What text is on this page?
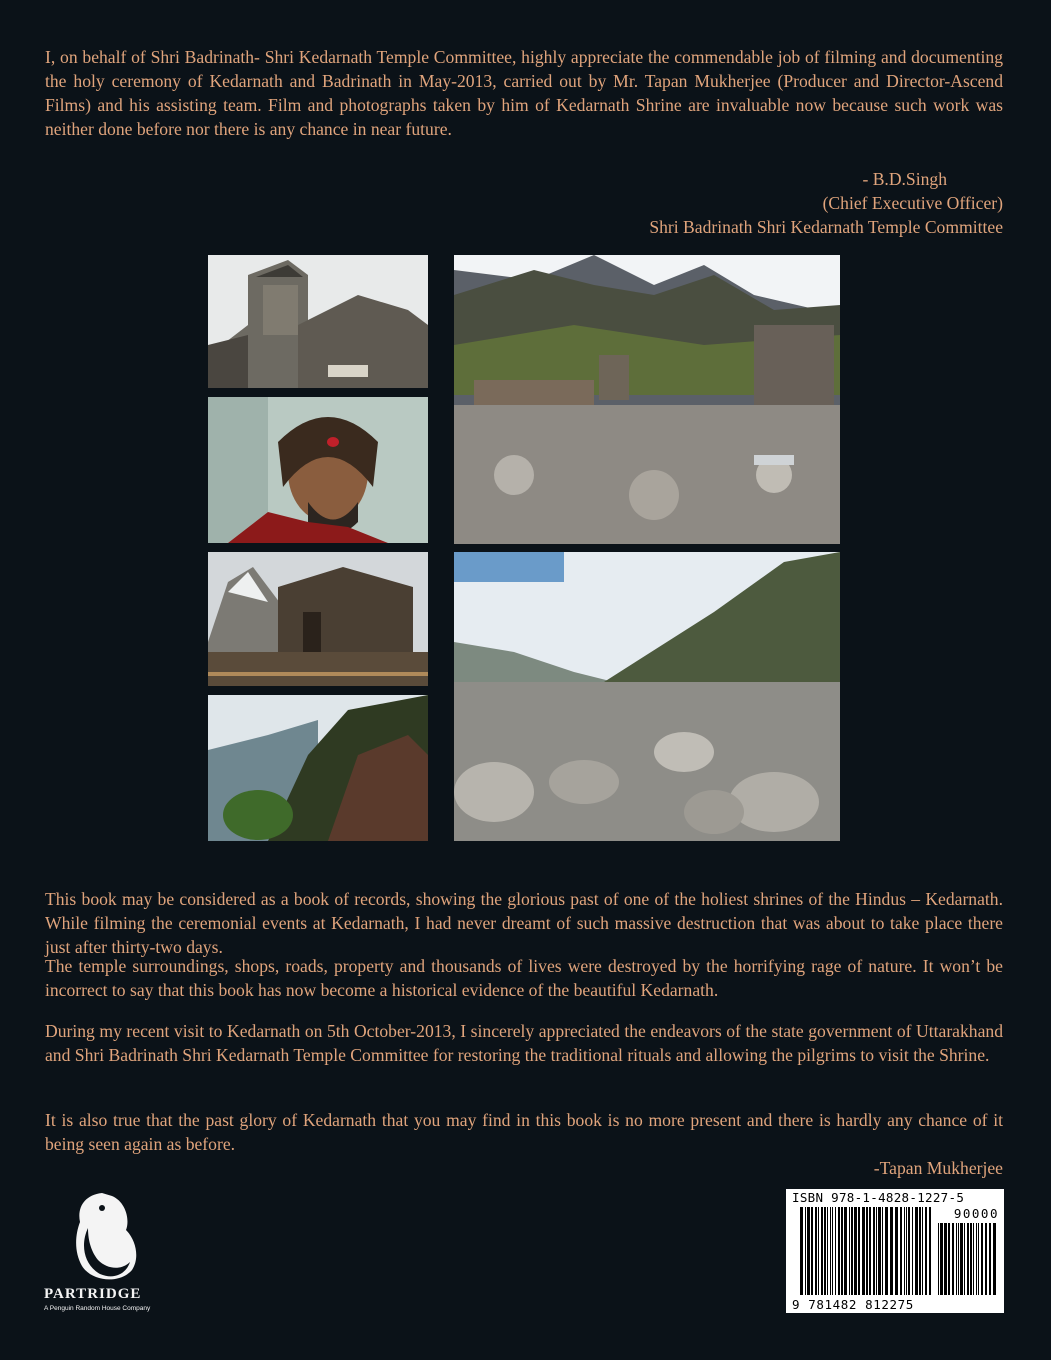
I, on behalf of Shri Badrinath- Shri Kedarnath Temple Committee, highly appreciate the commendable job of filming and documenting the holy ceremony of Kedarnath and Badrinath in May-2013, carried out by Mr. Tapan Mukherjee (Producer and Director-Ascend Films) and his assisting team. Film and photographs taken by him of Kedarnath Shrine are invaluable now because such work was neither done before nor there is any chance in near future.

- B.D.Singh

(Chief Executive Officer)

Shri Badrinath Shri Kedarnath Temple Committee

This book may be considered as a book of records, showing the glorious past of one of the holiest shrines of the Hindus – Kedarnath. While filming the ceremonial events at Kedarnath, I had never dreamt of such massive destruction that was about to take place there just after thirty-two days.

The temple surroundings, shops, roads, property and thousands of lives were destroyed by the horrifying rage of nature. It won’t be incorrect to say that this book has now become a historical evidence of the beautiful Kedarnath.

During my recent visit to Kedarnath on 5th October-2013, I sincerely appreciated the endeavors of the state government of Uttarakhand and Shri Badrinath Shri Kedarnath Temple Committee for restoring the traditional rituals and allowing the pilgrims to visit the Shrine.

It is also true that the past glory of Kedarnath that you may find in this book is no more present and there is hardly any chance of it being seen again as before.

-Tapan Mukherjee

PARTRIDGE
A Penguin Random House Company
ISBN 978-1-4828-1227-5
90000
9 781482 812275
